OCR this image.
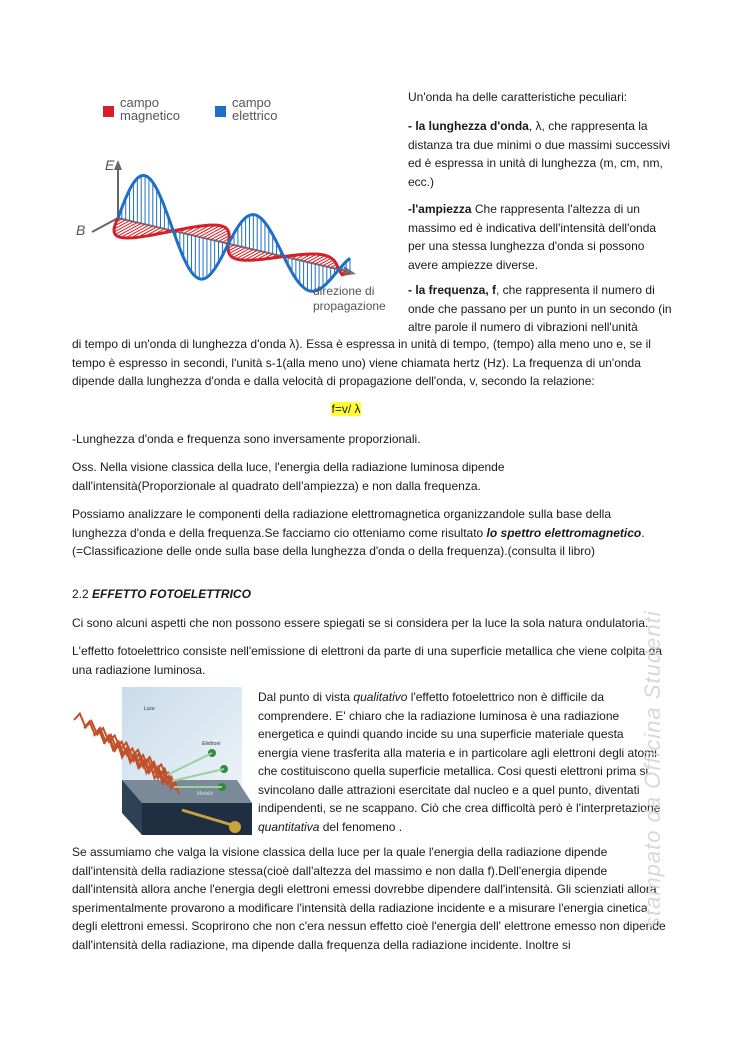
campo
magnetico
campo
elettrico
E
B
direzione di
propagazione

Un'onda ha delle caratteristiche peculiari:

- la lunghezza d'onda, λ, che rappresenta la distanza tra due minimi o due massimi successivi ed è espressa in unità di lunghezza (m, cm, nm, ecc.)

-l'ampiezza Che rappresenta l'altezza di un massimo ed è indicativa dell'intensità dell'onda per una stessa lunghezza d'onda si possono avere ampiezze diverse.

- la frequenza, f, che rappresenta il numero di onde che passano per un punto in un secondo (in altre parole il numero di vibrazioni nell'unità

di tempo di un'onda di lunghezza d'onda λ). Essa è espressa in unità di tempo, (tempo) alla meno uno e, se il tempo è espresso in secondi, l'unità s-1(alla meno uno) viene chiamata hertz (Hz). La frequenza di un'onda dipende dalla lunghezza d'onda e dalla velocità di propagazione dell'onda, v, secondo la relazione:

f=v/ λ

-Lunghezza d'onda e frequenza sono inversamente proporzionali.

Oss. Nella visione classica della luce, l'energia della radiazione luminosa dipende dall'intensità(Proporzionale al quadrato dell'ampiezza) e non dalla frequenza.

Possiamo analizzare le componenti della radiazione elettromagnetica organizzandole sulla base della lunghezza d'onda e della frequenza.Se facciamo cio otteniamo come risultato lo spettro elettromagnetico.(=Classificazione delle onde sulla base della lunghezza d'onda o della frequenza).(consulta il libro)

2.2 EFFETTO FOTOELETTRICO

Ci sono alcuni aspetti che non possono essere spiegati se si considera per la luce la sola natura ondulatoria.

L'effetto fotoelettrico consiste nell'emissione di elettroni da parte di una superficie metallica che viene colpita da una radiazione luminosa.

Luce
Elettroni
Metallo

Dal punto di vista qualitativo l'effetto fotoelettrico non è difficile da comprendere. E' chiaro che la radiazione luminosa è una radiazione energetica e quindi quando incide su una superficie materiale questa energia viene trasferita alla materia e in particolare agli elettroni degli atomi che costituiscono quella superficie metallica. Cosi questi elettroni prima si svincolano dalle attrazioni esercitate dal nucleo e a quel punto, diventati indipendenti, se ne scappano. Ciò che crea difficoltà però è l'interpretazione quantitativa del fenomeno .

Se assumiamo che valga la visione classica della luce per la quale l'energia della radiazione dipende dall'intensità della radiazione stessa(cioè dall'altezza del massimo e non dalla f).Dell'energia dipende dall'intensità allora anche l'energia degli elettroni emessi dovrebbe dipendere dall'intensità. Gli scienziati allora sperimentalmente provarono a modificare l'intensità della radiazione incidente e a misurare l'energia cinetica degli elettroni emessi. Scoprirono che non c'era nessun effetto cioè l'energia dell' elettrone emesso non dipende dall'intensità della radiazione, ma dipende dalla frequenza della radiazione incidente. Inoltre si

stampato da Officina Studenti
